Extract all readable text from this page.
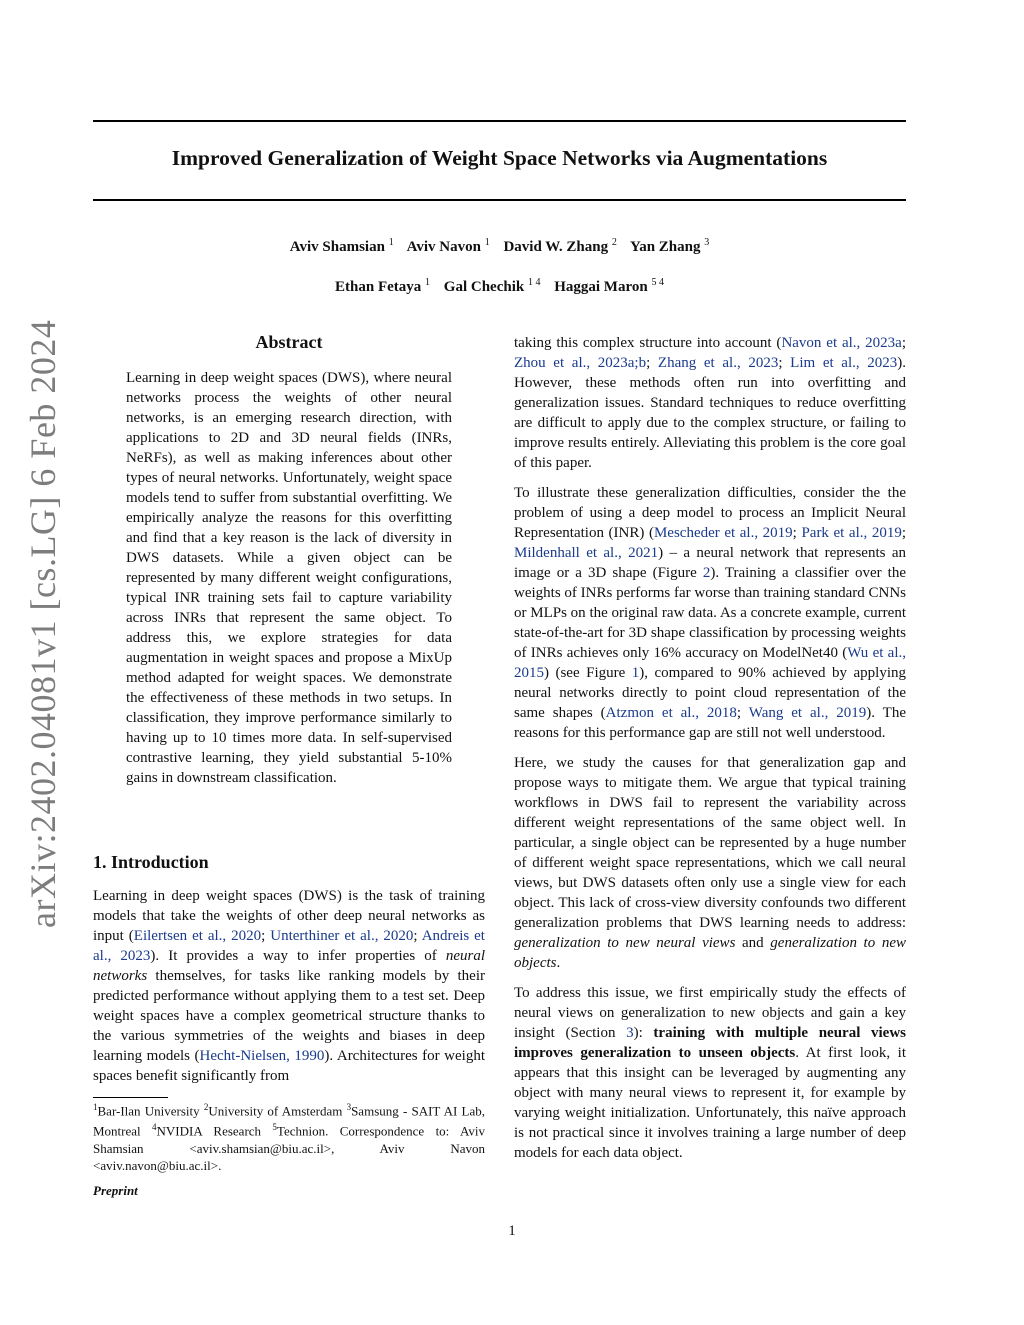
Improved Generalization of Weight Space Networks via Augmentations
Aviv Shamsian $^1$ Aviv Navon $^1$ David W. Zhang $^2$ Yan Zhang $^3$
Ethan Fetaya $^1$ Gal Chechik $^{1 4}$ Haggai Maron $^{5 4}$
arXiv:2402.04081v1 [cs.LG] 6 Feb 2024	Abstract

Learning in deep weight spaces (DWS), where neural networks process the weights of other neural networks, is an emerging research direction, with applications to 2D and 3D neural fields (INRs, NeRFs), as well as making inferences about other types of neural networks. Unfortunately, weight space models tend to suffer from substantial overfitting. We empirically analyze the reasons for this overfitting and find that a key reason is the lack of diversity in DWS datasets. While a given object can be represented by many different weight configurations, typical INR training sets fail to capture variability across INRs that represent the same object. To address this, we explore strategies for data augmentation in weight spaces and propose a MixUp method adapted for weight spaces. We demonstrate the effectiveness of these methods in two setups. In classification, they improve performance similarly to having up to 10 times more data. In self-supervised contrastive learning, they yield substantial 5-10% gains in downstream classification.

1. Introduction

Learning in deep weight spaces (DWS) is the task of training models that take the weights of other deep neural networks as input (Eilertsen et al., 2020; Unterthiner et al., 2020; Andreis et al., 2023). It provides a way to infer properties of neural networks themselves, for tasks like ranking models by their predicted performance without applying them to a test set. Deep weight spaces have a complex geometrical structure thanks to the various symmetries of the weights and biases in deep learning models (Hecht-Nielsen, 1990). Architectures for weight spaces benefit significantly from

$^1$Bar-Ilan University $^2$University of Amsterdam $^3$Samsung - SAIT AI Lab, Montreal $^4$NVIDIA Research $^5$Technion. Correspondence to: Aviv Shamsian <aviv.shamsian@biu.ac.il>, Aviv Navon <aviv.navon@biu.ac.il>.
Preprint

taking this complex structure into account (Navon et al., 2023a; Zhou et al., 2023a;b; Zhang et al., 2023; Lim et al., 2023). However, these methods often run into overfitting and generalization issues. Standard techniques to reduce overfitting are difficult to apply due to the complex structure, or failing to improve results entirely. Alleviating this problem is the core goal of this paper.

To illustrate these generalization difficulties, consider the the problem of using a deep model to process an Implicit Neural Representation (INR) (Mescheder et al., 2019; Park et al., 2019; Mildenhall et al., 2021) – a neural network that represents an image or a 3D shape (Figure 2). Training a classifier over the weights of INRs performs far worse than training standard CNNs or MLPs on the original raw data. As a concrete example, current state-of-the-art for 3D shape classification by processing weights of INRs achieves only 16% accuracy on ModelNet40 (Wu et al., 2015) (see Figure 1), compared to 90% achieved by applying neural networks directly to point cloud representation of the same shapes (Atzmon et al., 2018; Wang et al., 2019). The reasons for this performance gap are still not well understood.

Here, we study the causes for that generalization gap and propose ways to mitigate them. We argue that typical training workflows in DWS fail to represent the variability across different weight representations of the same object well. In particular, a single object can be represented by a huge number of different weight space representations, which we call neural views, but DWS datasets often only use a single view for each object. This lack of cross-view diversity confounds two different generalization problems that DWS learning needs to address: generalization to new neural views and generalization to new objects.

To address this issue, we first empirically study the effects of neural views on generalization to new objects and gain a key insight (Section 3): training with multiple neural views improves generalization to unseen objects. At first look, it appears that this insight can be leveraged by augmenting any object with many neural views to represent it, for example by varying weight initialization. Unfortunately, this naïve approach is not practical since it involves training a large number of deep models for each data object.

1
